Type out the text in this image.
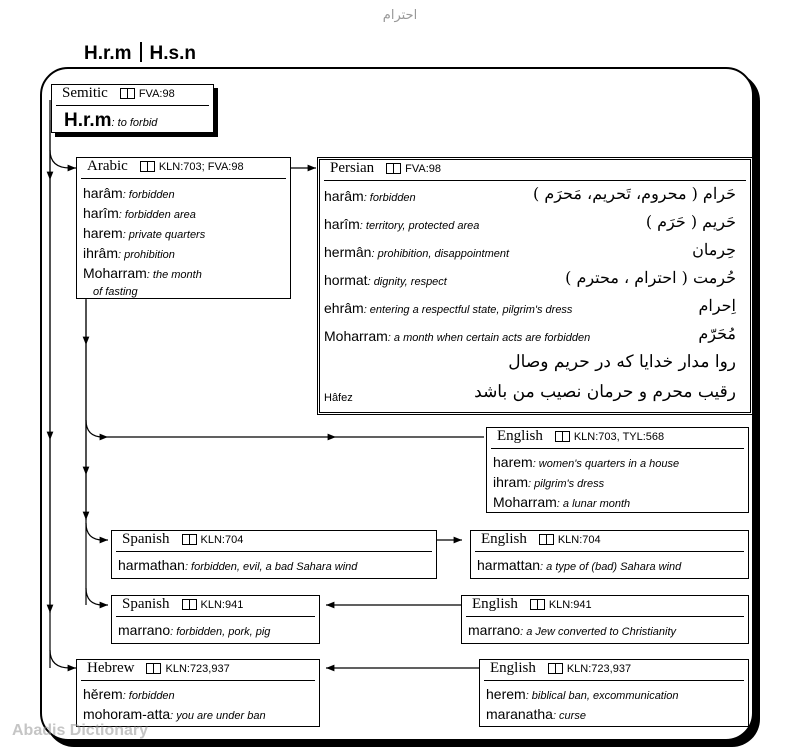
احترام
H.r.m H.s.n
Semitic	FVA:98
H.r.m: to forbid
Arabic	KLN:703; FVA:98
harâm: forbidden
harîm: forbidden area
harem: private quarters
ihrâm: prohibition
Moharram: the month
of fasting
Persian	FVA:98
harâm: forbidden	حَرام ( محروم، تَحریم، مَحرَم )
harîm: territory, protected area	حَریم ( حَرَم )
hermân: prohibition, disappointment	حِرمان
hormat: dignity, respect	حُرمت ( احترام ، محترم )
ehrâm: entering a respectful state, pilgrim's dress	اِحرام
Moharram: a month when certain acts are forbidden	مُحَرّم
روا مدار خدایا که در حریم وصال
Hâfez	رقیب محرم و حرمان نصیب من باشد
English	KLN:703, TYL:568
harem: women's quarters in a house
ihram: pilgrim's dress
Moharram: a lunar month
Spanish	KLN:704
harmathan: forbidden, evil, a bad Sahara wind
English	KLN:704
harmattan: a type of (bad) Sahara wind
Spanish	KLN:941
marrano: forbidden, pork, pig
English	KLN:941
marrano: a Jew converted to Christianity
Hebrew	KLN:723,937
hěrem: forbidden
mohoram-atta: you are under ban
English	KLN:723,937
herem: biblical ban, excommunication
maranatha: curse
Abadis Dictionary
